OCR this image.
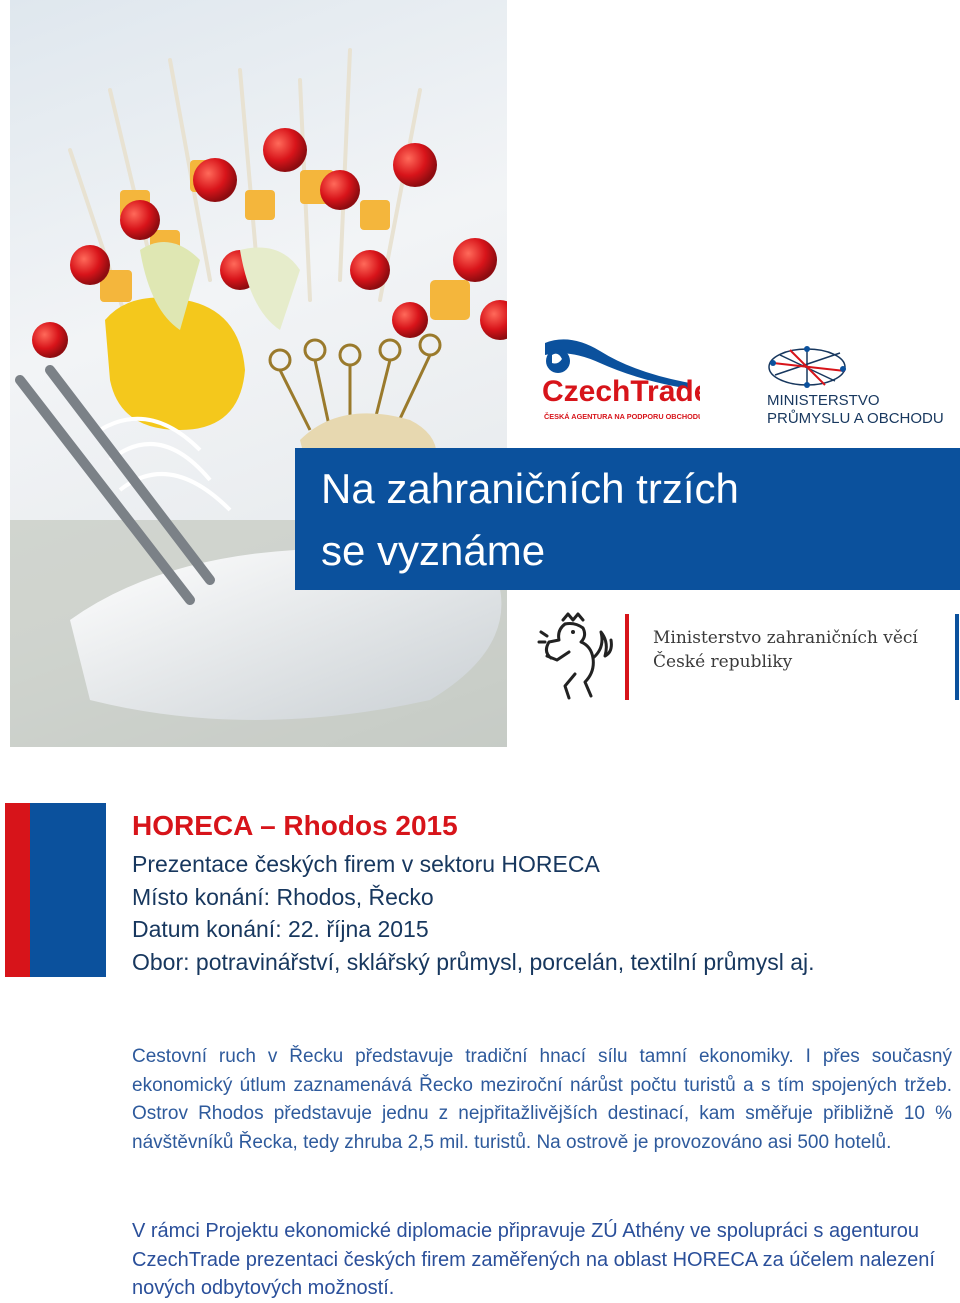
CzechTrade
ČESKÁ AGENTURA NA PODPORU OBCHODU
MINISTERSTVO
PRŮMYSLU A OBCHODU
Na zahraničních trzích
se vyznáme
Ministerstvo zahraničních věcí
České republiky
HORECA – Rhodos 2015

Prezentace českých firem v sektoru HORECA

Místo konání: Rhodos, Řecko

Datum konání: 22. října 2015

Obor: potravinářství, sklářský průmysl, porcelán, textilní průmysl aj.

Cestovní ruch v Řecku představuje tradiční hnací sílu tamní ekonomiky. I přes současný ekonomický útlum zaznamenává Řecko meziroční nárůst počtu turistů a s tím spojených tržeb. Ostrov Rhodos představuje jednu z nejpřitažlivějších destinací, kam směřuje přibližně 10 % návštěvníků Řecka, tedy zhruba 2,5 mil. turistů. Na ostrově je provozováno asi 500 hotelů.

V rámci Projektu ekonomické diplomacie připravuje ZÚ Athény ve spolupráci s agenturou CzechTrade prezentaci českých firem zaměřených na oblast HORECA za účelem nalezení nových odbytových možností.
